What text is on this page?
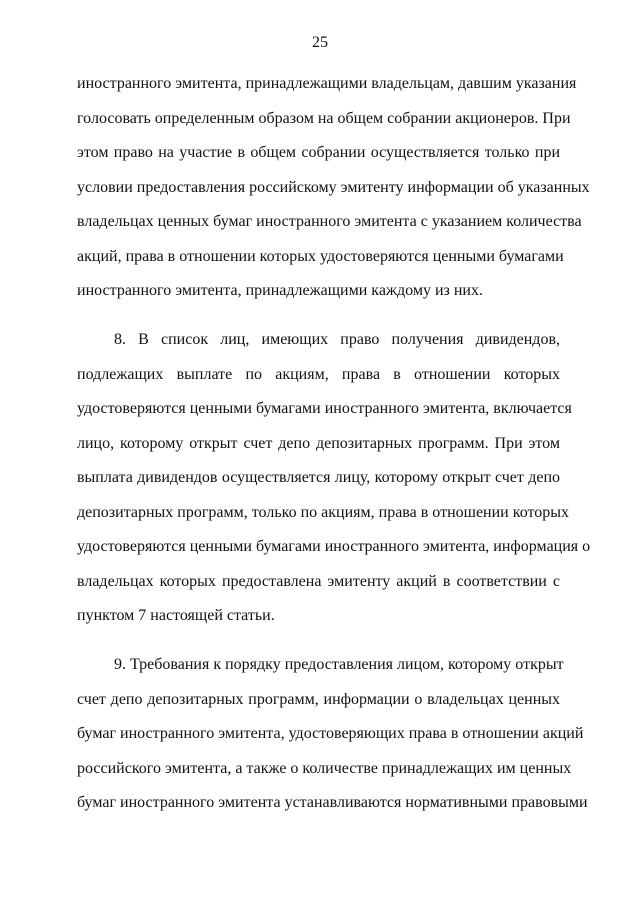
25
иностранного эмитента, принадлежащими владельцам, давшим указания
голосовать определенным образом на общем собрании акционеров. При
этом право на участие в общем собрании осуществляется только при
условии предоставления российскому эмитенту информации об указанных
владельцах ценных бумаг иностранного эмитента с указанием количества
акций, права в отношении которых удостоверяются ценными бумагами
иностранного эмитента, принадлежащими каждому из них.
8. В список лиц, имеющих право получения дивидендов,
подлежащих выплате по акциям, права в отношении которых
удостоверяются ценными бумагами иностранного эмитента, включается
лицо, которому открыт счет депо депозитарных программ. При этом
выплата дивидендов осуществляется лицу, которому открыт счет депо
депозитарных программ, только по акциям, права в отношении которых
удостоверяются ценными бумагами иностранного эмитента, информация о
владельцах которых предоставлена эмитенту акций в соответствии с
пунктом 7 настоящей статьи.
9. Требования к порядку предоставления лицом, которому открыт
счет депо депозитарных программ, информации о владельцах ценных
бумаг иностранного эмитента, удостоверяющих права в отношении акций
российского эмитента, а также о количестве принадлежащих им ценных
бумаг иностранного эмитента устанавливаются нормативными правовыми
